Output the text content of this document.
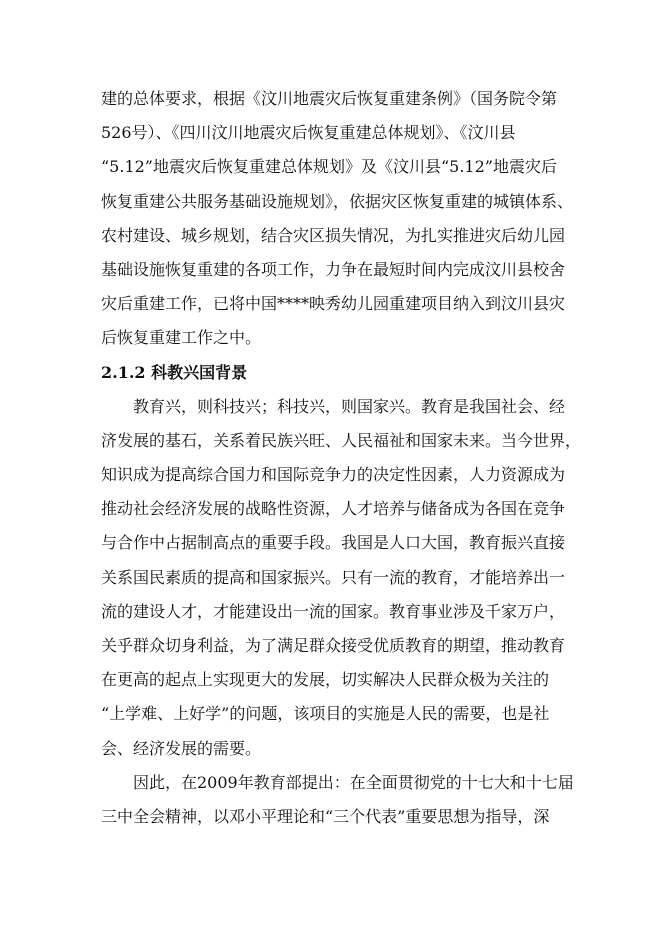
建的总体要求，根据《汶川地震灾后恢复重建条例》（国务院令第
526号）、《四川汶川地震灾后恢复重建总体规划》、《汶川县
“5.12”地震灾后恢复重建总体规划》及《汶川县“5.12”地震灾后
恢复重建公共服务基础设施规划》，依据灾区恢复重建的城镇体系、
农村建设、城乡规划，结合灾区损失情况，为扎实推进灾后幼儿园
基础设施恢复重建的各项工作，力争在最短时间内完成汶川县校舍
灾后重建工作，已将中国****映秀幼儿园重建项目纳入到汶川县灾
后恢复重建工作之中。
2.1.2 科教兴国背景
教育兴，则科技兴；科技兴，则国家兴。教育是我国社会、经
济发展的基石，关系着民族兴旺、人民福祉和国家未来。当今世界，
知识成为提高综合国力和国际竞争力的决定性因素，人力资源成为
推动社会经济发展的战略性资源，人才培养与储备成为各国在竞争
与合作中占据制高点的重要手段。我国是人口大国，教育振兴直接
关系国民素质的提高和国家振兴。只有一流的教育，才能培养出一
流的建设人才，才能建设出一流的国家。教育事业涉及千家万户，
关乎群众切身利益，为了满足群众接受优质教育的期望，推动教育
在更高的起点上实现更大的发展，切实解决人民群众极为关注的
“上学难、上好学”的问题，该项目的实施是人民的需要，也是社
会、经济发展的需要。
因此，在2009年教育部提出：在全面贯彻党的十七大和十七届
三中全会精神，以邓小平理论和“三个代表”重要思想为指导，深
